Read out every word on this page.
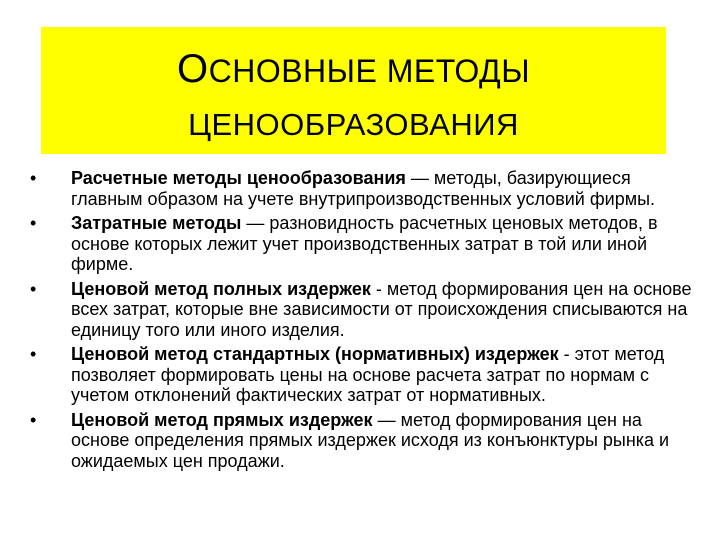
ОСНОВНЫЕ МЕТОДЫ
ЦЕНООБРАЗОВАНИЯ
• Расчетные методы ценообразования — методы, базирующиеся главным образом на учете внутрипроизводственных условий фирмы.
• Затратные методы — разновидность расчетных ценовых методов, в основе которых лежит учет производственных затрат в той или иной фирме.
• Ценовой метод полных издержек - метод формирования цен на основе всех затрат, которые вне зависимости от происхождения списываются на единицу того или иного изделия.
• Ценовой метод стандартных (нормативных) издержек - этот метод позволяет формировать цены на основе расчета затрат по нормам с учетом отклонений фактических затрат от нормативных.
• Ценовой метод прямых издержек — метод формирования цен на основе определения прямых издержек исходя из конъюнктуры рынка и ожидаемых цен продажи.
